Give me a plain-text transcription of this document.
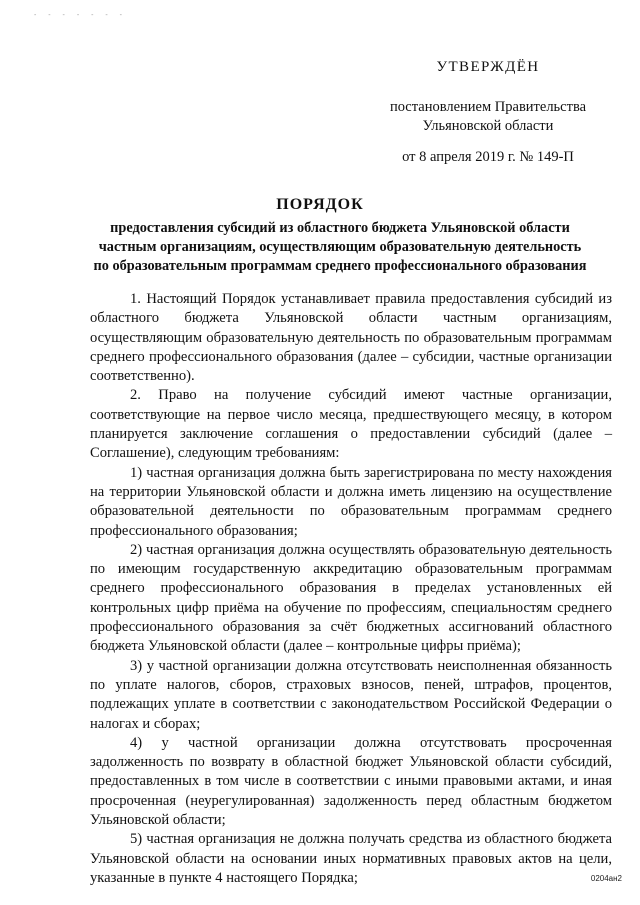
- - - - - - -
УТВЕРЖДЁН
постановлением Правительства
Ульяновской области
от 8 апреля 2019 г. № 149-П
ПОРЯДОК
предоставления субсидий из областного бюджета Ульяновской области
частным организациям, осуществляющим образовательную деятельность
по образовательным программам среднего профессионального образования

1. Настоящий Порядок устанавливает правила предоставления субсидий из областного бюджета Ульяновской области частным организациям, осуществляющим образовательную деятельность по образовательным программам среднего профессионального образования (далее – субсидии, частные организации соответственно).

2. Право на получение субсидий имеют частные организации, соответствующие на первое число месяца, предшествующего месяцу, в котором планируется заключение соглашения о предоставлении субсидий (далее – Соглашение), следующим требованиям:

1) частная организация должна быть зарегистрирована по месту нахождения на территории Ульяновской области и должна иметь лицензию на осуществление образовательной деятельности по образовательным программам среднего профессионального образования;

2) частная организация должна осуществлять образовательную деятельность по имеющим государственную аккредитацию образовательным программам среднего профессионального образования в пределах установленных ей контрольных цифр приёма на обучение по профессиям, специальностям среднего профессионального образования за счёт бюджетных ассигнований областного бюджета Ульяновской области (далее – контрольные цифры приёма);

3) у частной организации должна отсутствовать неисполненная обязанность по уплате налогов, сборов, страховых взносов, пеней, штрафов, процентов, подлежащих уплате в соответствии с законодательством Российской Федерации о налогах и сборах;

4) у частной организации должна отсутствовать просроченная задолженность по возврату в областной бюджет Ульяновской области субсидий, предоставленных в том числе в соответствии с иными правовыми актами, и иная просроченная (неурегулированная) задолженность перед областным бюджетом Ульяновской области;

5) частная организация не должна получать средства из областного бюджета Ульяновской области на основании иных нормативных правовых актов на цели, указанные в пункте 4 настоящего Порядка;	0204ан2
